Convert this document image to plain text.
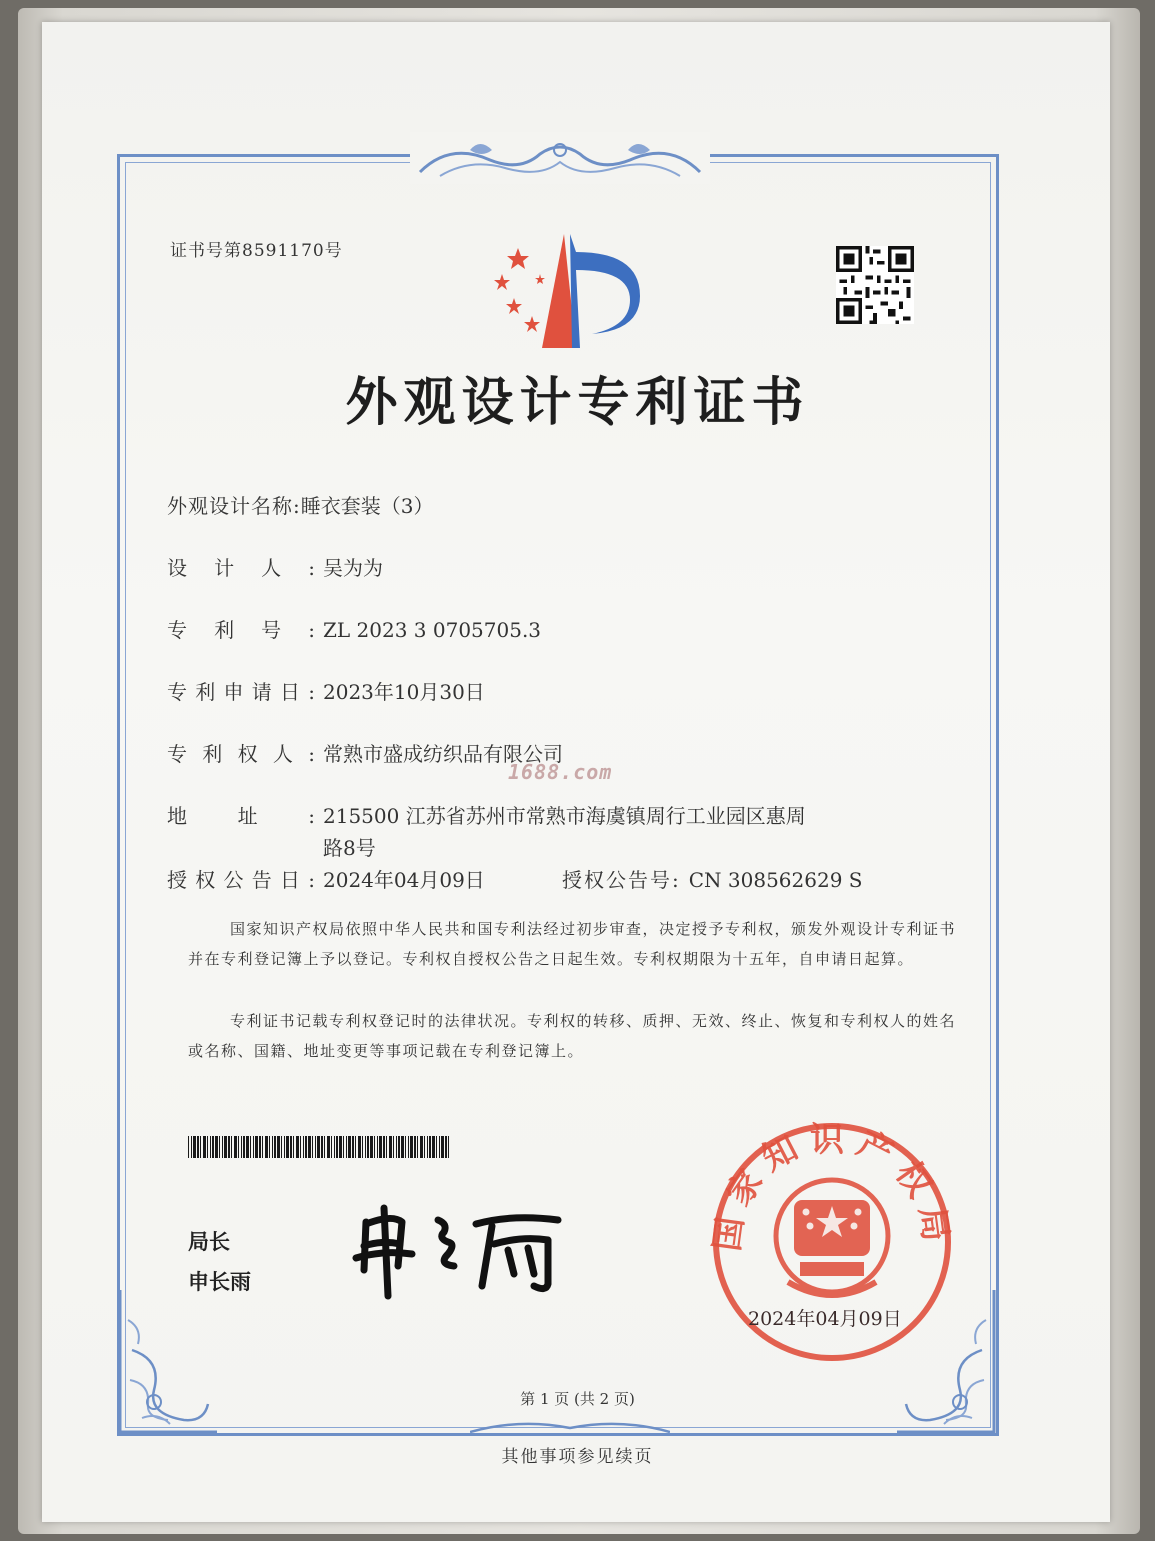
证书号第8591170号
外观设计专利证书
外观设计名称:睡衣套装（3）
设计人: 吴为为
专利号: ZL 2023 3 0705705.3
专利申请日: 2023年10月30日
专利权人: 常熟市盛成纺织品有限公司
1688.com
地址: 215500 江苏省苏州市常熟市海虞镇周行工业园区惠周路8号
授权公告日: 2024年04月09日	授权公告号: CN 308562629 S
国家知识产权局依照中华人民共和国专利法经过初步审查，决定授予专利权，颁发外观设计专利证书并在专利登记簿上予以登记。专利权自授权公告之日起生效。专利权期限为十五年，自申请日起算。
专利证书记载专利权登记时的法律状况。专利权的转移、质押、无效、终止、恢复和专利权人的姓名或名称、国籍、地址变更等事项记载在专利登记簿上。
局长
申长雨
国家知识产权局
2024年04月09日
第 1 页 (共 2 页)
其他事项参见续页
